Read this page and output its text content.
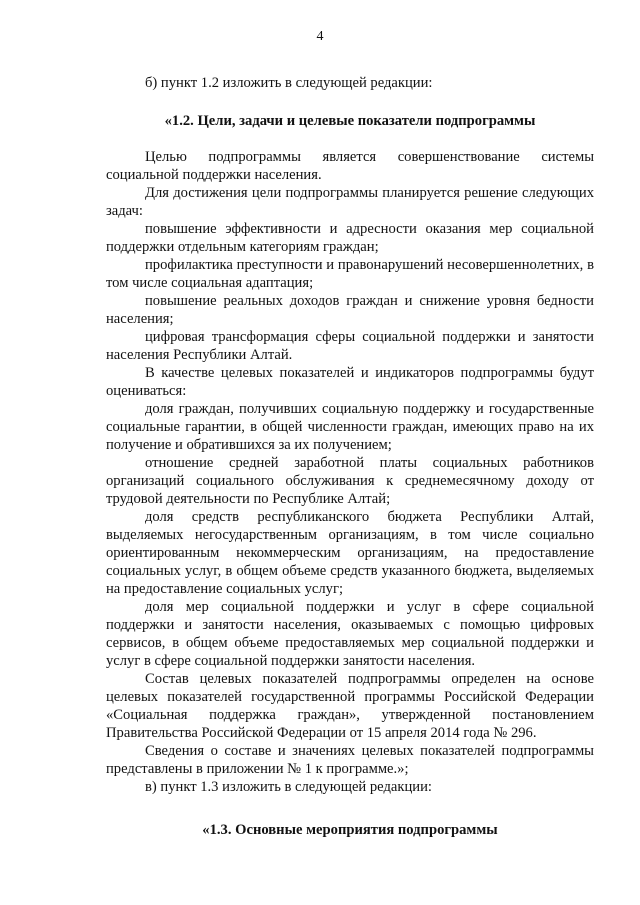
4

б) пункт 1.2 изложить в следующей редакции:

«1.2. Цели, задачи и целевые показатели подпрограммы

Целью подпрограммы является совершенствование системы социальной поддержки населения.

Для достижения цели подпрограммы планируется решение следующих задач:

повышение эффективности и адресности оказания мер социальной поддержки отдельным категориям граждан;

профилактика преступности и правонарушений несовершеннолетних, в том числе социальная адаптация;

повышение реальных доходов граждан и снижение уровня бедности населения;

цифровая трансформация сферы социальной поддержки и занятости населения Республики Алтай.

В качестве целевых показателей и индикаторов подпрограммы будут оцениваться:

доля граждан, получивших социальную поддержку и государственные социальные гарантии, в общей численности граждан, имеющих право на их получение и обратившихся за их получением;

отношение средней заработной платы социальных работников организаций социального обслуживания к среднемесячному доходу от трудовой деятельности по Республике Алтай;

доля средств республиканского бюджета Республики Алтай, выделяемых негосударственным организациям, в том числе социально ориентированным некоммерческим организациям, на предоставление социальных услуг, в общем объеме средств указанного бюджета, выделяемых на предоставление социальных услуг;

доля мер социальной поддержки и услуг в сфере социальной поддержки и занятости населения, оказываемых с помощью цифровых сервисов, в общем объеме предоставляемых мер социальной поддержки и услуг в сфере социальной поддержки занятости населения.

Состав целевых показателей подпрограммы определен на основе целевых показателей государственной программы Российской Федерации «Социальная поддержка граждан», утвержденной постановлением Правительства Российской Федерации от 15 апреля 2014 года № 296.

Сведения о составе и значениях целевых показателей подпрограммы представлены в приложении № 1 к программе.»;

в) пункт 1.3 изложить в следующей редакции:

«1.3. Основные мероприятия подпрограммы
